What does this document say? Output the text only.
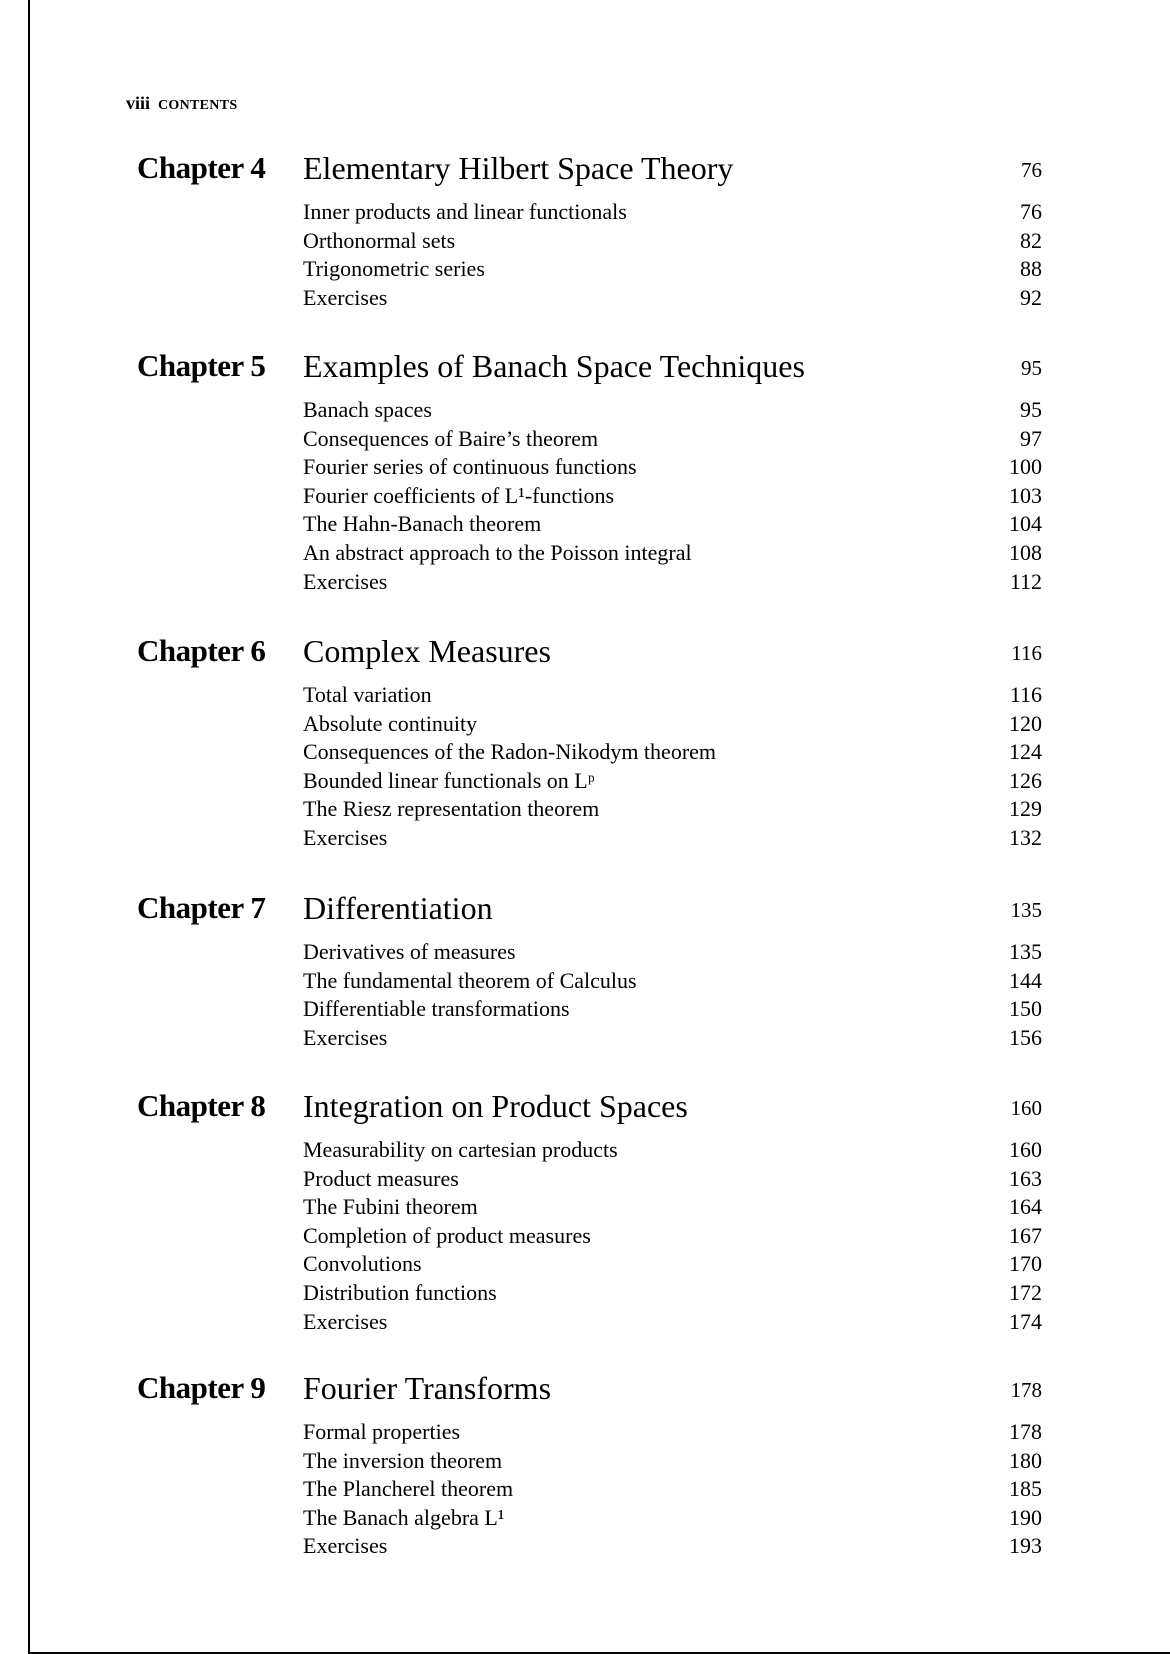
viii CONTENTS
Chapter 4 Elementary Hilbert Space Theory	76
Inner products and linear functionals	76
Orthonormal sets	82
Trigonometric series	88
Exercises	92
Chapter 5 Examples of Banach Space Techniques	95
Banach spaces	95
Consequences of Baire’s theorem	97
Fourier series of continuous functions	100
Fourier coefficients of L¹-functions	103
The Hahn-Banach theorem	104
An abstract approach to the Poisson integral	108
Exercises	112
Chapter 6 Complex Measures	116
Total variation	116
Absolute continuity	120
Consequences of the Radon-Nikodym theorem	124
Bounded linear functionals on Lᵖ	126
The Riesz representation theorem	129
Exercises	132
Chapter 7 Differentiation	135
Derivatives of measures	135
The fundamental theorem of Calculus	144
Differentiable transformations	150
Exercises	156
Chapter 8 Integration on Product Spaces	160
Measurability on cartesian products	160
Product measures	163
The Fubini theorem	164
Completion of product measures	167
Convolutions	170
Distribution functions	172
Exercises	174
Chapter 9 Fourier Transforms	178
Formal properties	178
The inversion theorem	180
The Plancherel theorem	185
The Banach algebra L¹	190
Exercises	193
